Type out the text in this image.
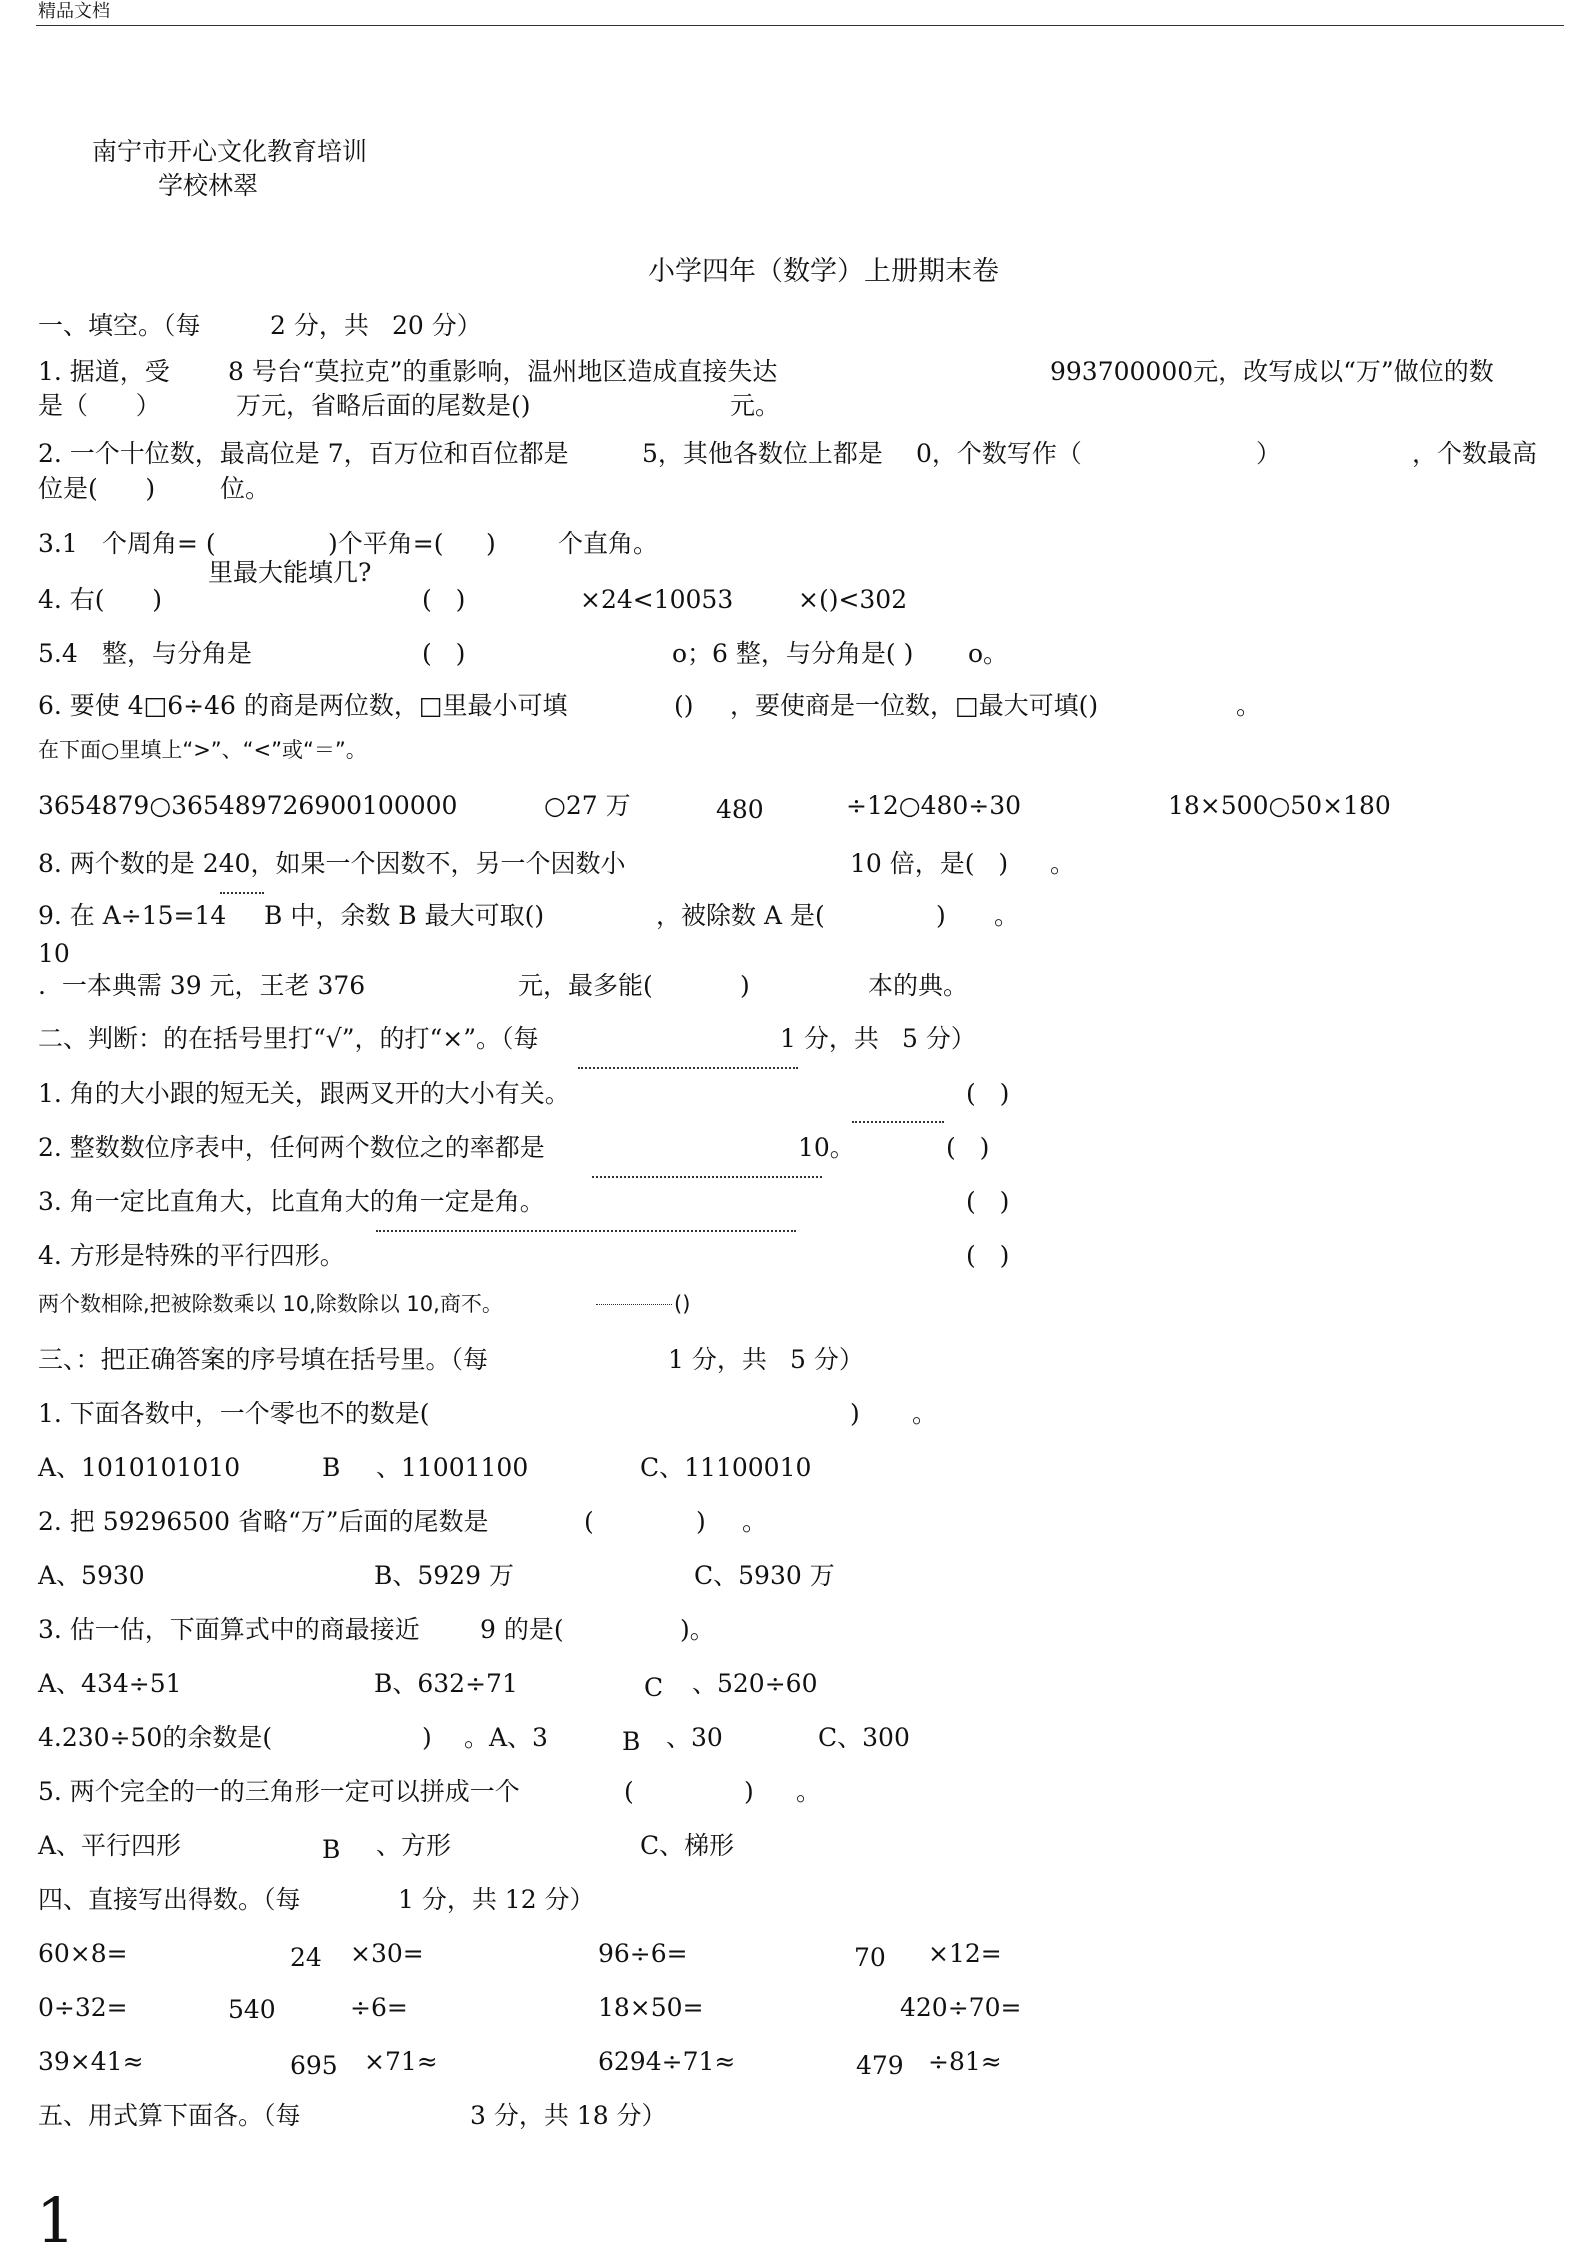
精品文档
南宁市开心文化教育培训
学校林翠
小学四年（数学）上册期末卷
一、填空。（每	2 分，共 20 分）
1. 据道，受 8 号台“莫拉克”的重影响，温州地区造成直接失达	993700000元，改写成以“万”做位的数
是（      ）	万元，省略后面的尾数是()	元。
2. 一个十位数，最高位是 7，百万位和百位都是	5，其他各数位上都是 0，个数写作（	）	，个数最高
位是(      )	位。
3.1 个周角= (	)个平角=( ) 个直角。
里最大能填几?
4. 右(      )	(   )	×24<10053	×()<302
5.4 整，与分角是	(   )	o；6 整，与分角是( ) o。
6. 要使 4□6÷46 的商是两位数，□里最小可填	() ，要使商是一位数，□最大可填()	。
在下面○里填上“>”、“<”或“＝”。
3654879○365489726900100000	○27 万	480	÷12○480÷30	18×500○50×180
8. 两个数的是 240，如果一个因数不，另一个因数小	10 倍，是(   ) 。
9. 在 A÷15=14 B 中，余数 B 最大可取()	，被除数 A 是(	) 。
10
.  一本典需 39 元，王老 376	元，最多能(	)	本的典。
二、判断：的在括号里打“√”，的打“×”。（每	1 分，共 5 分）
1. 角的大小跟的短无关，跟两叉开的大小有关。	(   )
2. 整数数位序表中，任何两个数位之的率都是	10。	(   )
3. 角一定比直角大，比直角大的角一定是角。	(   )
4. 方形是特殊的平行四形。	(   )
两个数相除,把被除数乘以 10,除数除以 10,商不。	()
三、：把正确答案的序号填在括号里。（每	1 分，共 5 分）
1. 下面各数中，一个零也不的数是(	) 。
A、1010101010	B 、11001100	C、11100010
2. 把 59296500 省略“万”后面的尾数是	(	) 。
A、5930	B、5929 万	C、5930 万
3. 估一估，下面算式中的商最接近 9 的是(	)。
A、434÷51	B、632÷71	C 、520÷60
4.230÷50的余数是(	) 。A、3	B 、30	C、300
5. 两个完全的一的三角形一定可以拼成一个	(	) 。
A、平行四形	B 、方形	C、梯形
四、直接写出得数。（每	1 分，共 12 分）
60×8=	24 ×30=	96÷6=	70 ×12=
0÷32=	540	÷6=	18×50=	420÷70=
39×41≈	695 ×71≈	6294÷71≈	479 ÷81≈
五、用式算下面各。（每	3 分，共 18 分）
1
